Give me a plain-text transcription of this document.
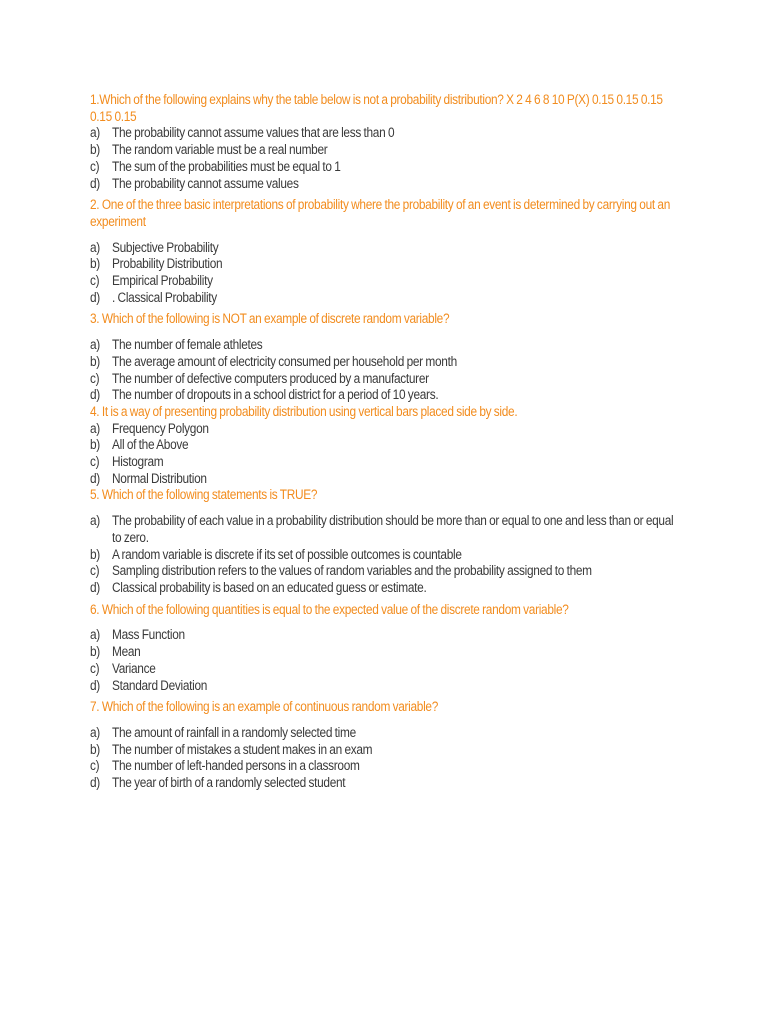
1.Which of the following explains why the table below is not a probability distribution? X 2 4 6 8 10 P(X) 0.15 0.15 0.15 0.15 0.15

a) The probability cannot assume values that are less than 0
b) The random variable must be a real number
c) The sum of the probabilities must be equal to 1
d) The probability cannot assume values

2. One of the three basic interpretations of probability where the probability of an event is determined by carrying out an experiment

a) Subjective Probability
b) Probability Distribution
c) Empirical Probability
d) . Classical Probability

3. Which of the following is NOT an example of discrete random variable?

a) The number of female athletes
b) The average amount of electricity consumed per household per month
c) The number of defective computers produced by a manufacturer
d) The number of dropouts in a school district for a period of 10 years.

4. It is a way of presenting probability distribution using vertical bars placed side by side.

a) Frequency Polygon
b) All of the Above
c) Histogram
d) Normal Distribution

5. Which of the following statements is TRUE?

a) The probability of each value in a probability distribution should be more than or equal to one and less than or equal to zero.
b) A random variable is discrete if its set of possible outcomes is countable
c) Sampling distribution refers to the values of random variables and the probability assigned to them
d) Classical probability is based on an educated guess or estimate.

6. Which of the following quantities is equal to the expected value of the discrete random variable?

a) Mass Function
b) Mean
c) Variance
d) Standard Deviation

7. Which of the following is an example of continuous random variable?

a) The amount of rainfall in a randomly selected time
b) The number of mistakes a student makes in an exam
c) The number of left-handed persons in a classroom
d) The year of birth of a randomly selected student
